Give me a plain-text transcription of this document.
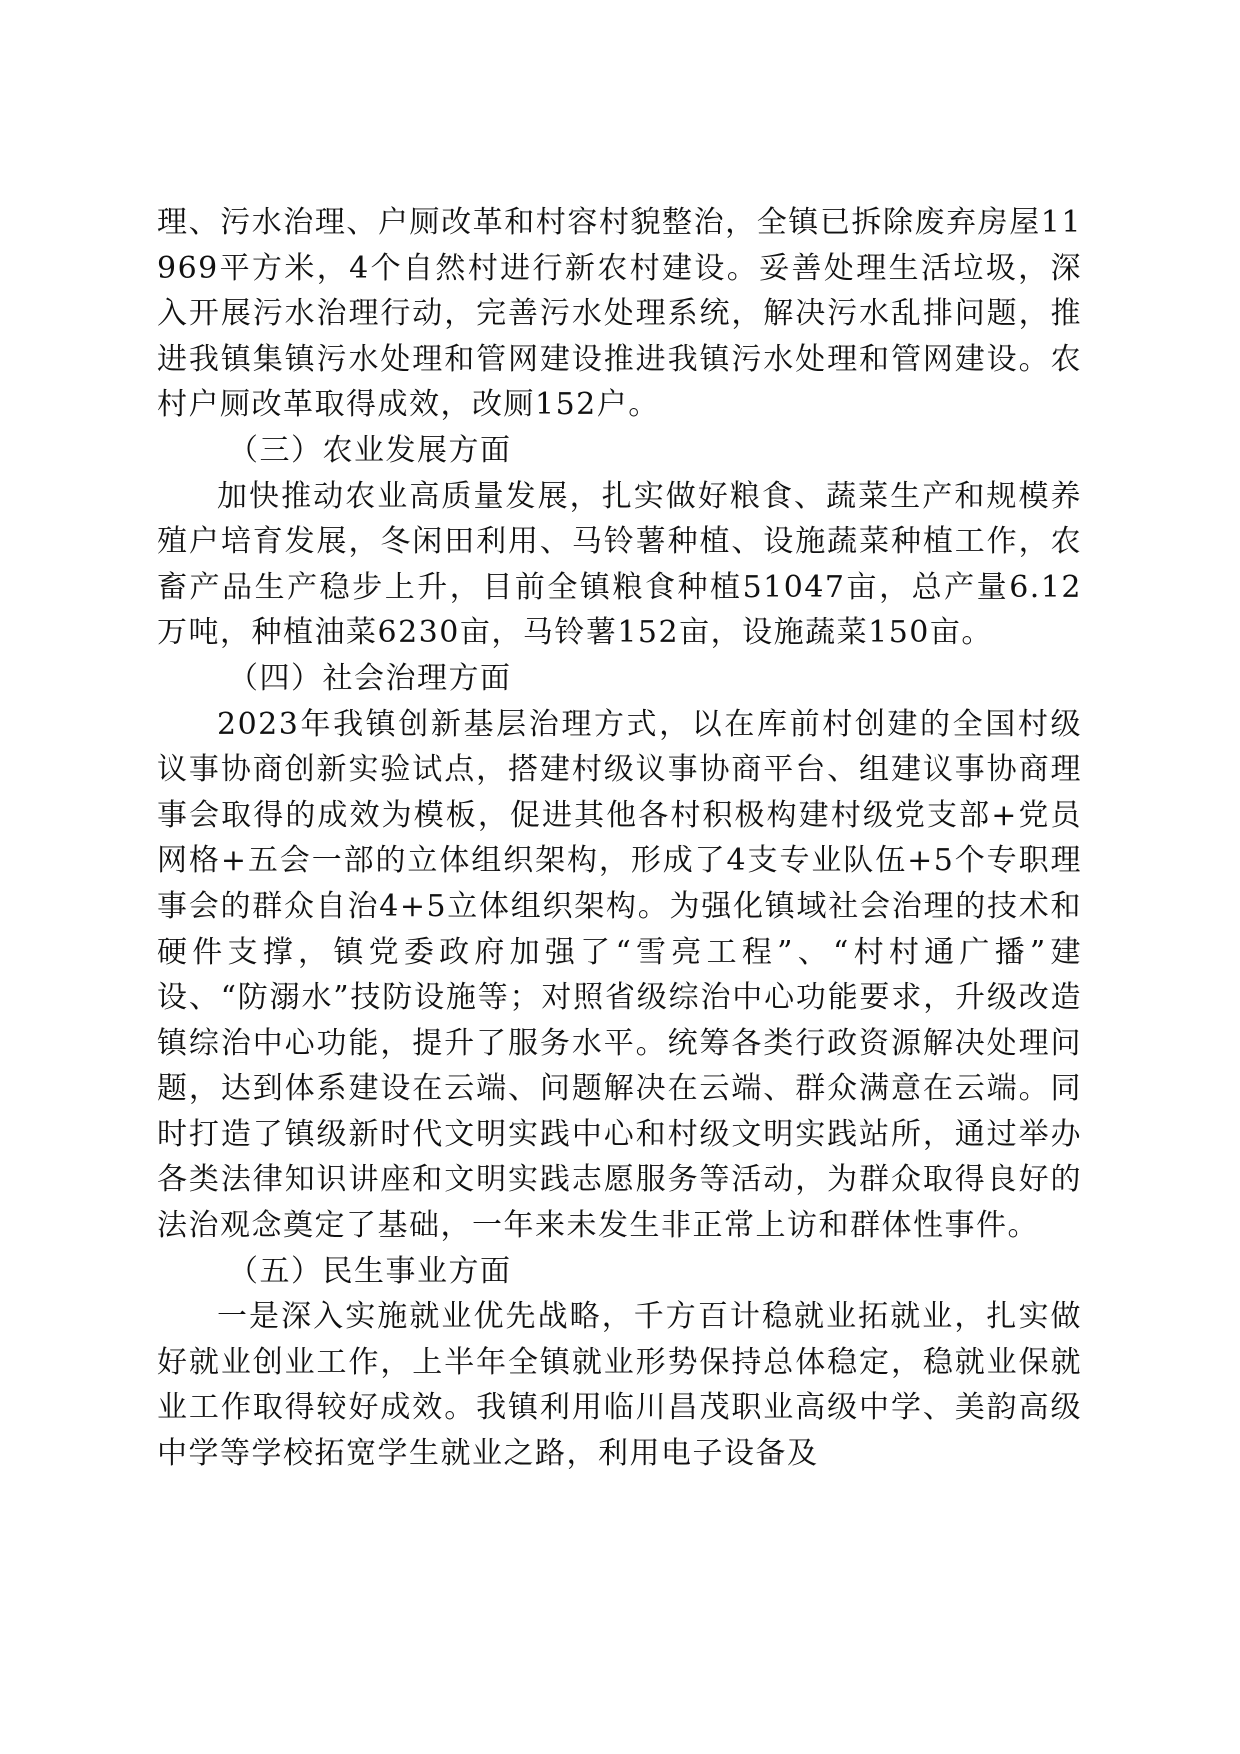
理、污水治理、户厕改革和村容村貌整治，全镇已拆除废弃房屋11969平方米，4个自然村进行新农村建设。妥善处理生活垃圾，深入开展污水治理行动，完善污水处理系统，解决污水乱排问题，推进我镇集镇污水处理和管网建设推进我镇污水处理和管网建设。农村户厕改革取得成效，改厕152户。

（三）农业发展方面

加快推动农业高质量发展，扎实做好粮食、蔬菜生产和规模养殖户培育发展，冬闲田利用、马铃薯种植、设施蔬菜种植工作，农畜产品生产稳步上升，目前全镇粮食种植51047亩，总产量6.12万吨，种植油菜6230亩，马铃薯152亩，设施蔬菜150亩。

（四）社会治理方面

2023年我镇创新基层治理方式，以在库前村创建的全国村级议事协商创新实验试点，搭建村级议事协商平台、组建议事协商理事会取得的成效为模板，促进其他各村积极构建村级党支部+党员网格+五会一部的立体组织架构，形成了4支专业队伍+5个专职理事会的群众自治4+5立体组织架构。为强化镇域社会治理的技术和硬件支撑，镇党委政府加强了“雪亮工程”、“村村通广播”建设、“防溺水”技防设施等；对照省级综治中心功能要求，升级改造镇综治中心功能，提升了服务水平。统筹各类行政资源解决处理问题，达到体系建设在云端、问题解决在云端、群众满意在云端。同时打造了镇级新时代文明实践中心和村级文明实践站所，通过举办各类法律知识讲座和文明实践志愿服务等活动，为群众取得良好的法治观念奠定了基础，一年来未发生非正常上访和群体性事件。

（五）民生事业方面

一是深入实施就业优先战略，千方百计稳就业拓就业，扎实做好就业创业工作，上半年全镇就业形势保持总体稳定，稳就业保就业工作取得较好成效。我镇利用临川昌茂职业高级中学、美韵高级中学等学校拓宽学生就业之路，利用电子设备及
